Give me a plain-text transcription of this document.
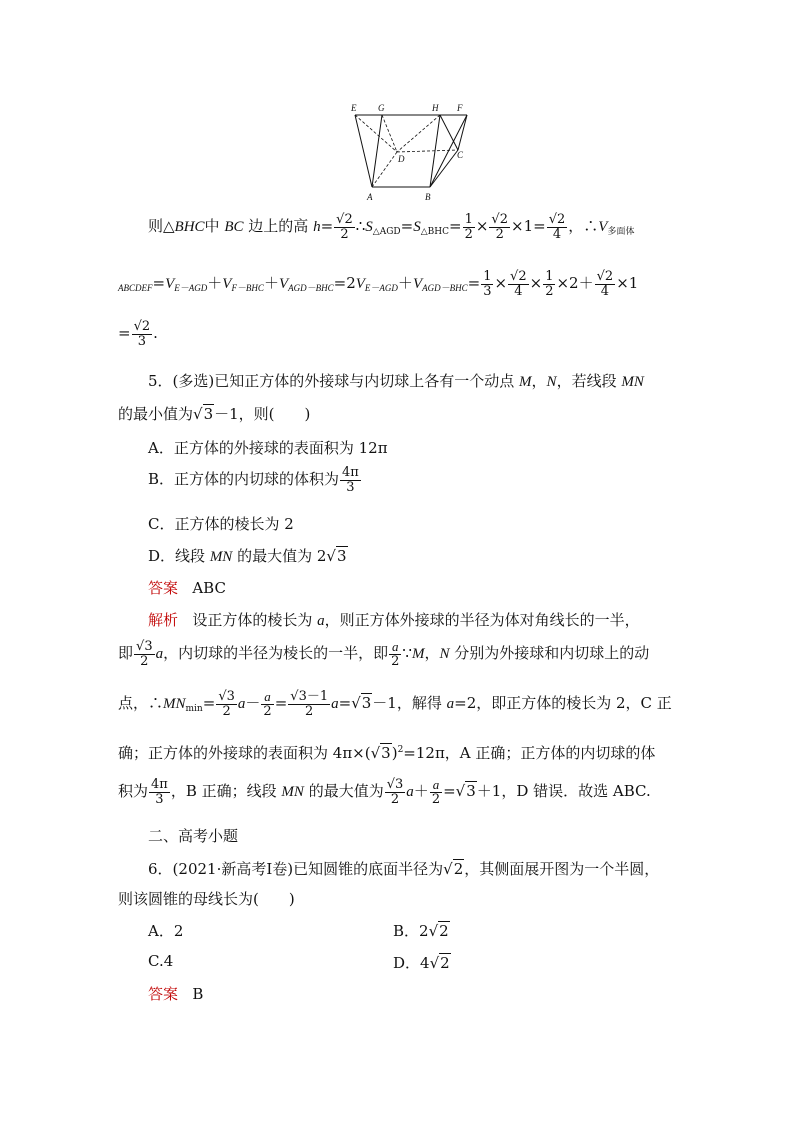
E G	H F
D	C
A	B
则△BHC中 BC 边上的高 $h= \frac{√2}{2}$ $\therefore S_{\triangle AGD}=S_{\triangle BHC}= \frac{1}{2} \times \frac{√2}{2} \times 1= \frac{√2}{4}$ ，$\therefore V_{多面体}$
$_{ABCDEF}=V_{E-AGD}+V_{F-BHC}+V_{AGD-BHC}=2V_{E-AGD}+V_{AGD-BHC}= \frac{1}{3} \times \frac{√2}{4} \times \frac{1}{2} \times 2+ \frac{√2}{4} \times 1$
= $\frac{√2}{3}$ .
5．(多选)已知正方体的外接球与内切球上各有一个动点 M，N，若线段 MN
的最小值为√3－1，则(　　)
A．正方体的外接球的表面积为 12π
B．正方体的内切球的体积为 $\frac{4\pi}{3}$
C．正方体的棱长为 2
D．线段 MN 的最大值为 2√3
答案 ABC
解析 设正方体的棱长为 a，则正方体外接球的半径为体对角线长的一半，
即 $\frac{√3}{2}$ a，内切球的半径为棱长的一半，即 $\frac{a}{2}$ ∵M，N 分别为外接球和内切球上的动
点，$\therefore MN_{min}= \frac{√3}{2} a- \frac{a}{2} = \frac{√3-1}{2} a=√3-1$，解得 a=2，即正方体的棱长为 2，C 正
确；正方体的外接球的表面积为 $4\pi\times(√3)^2=12\pi$，A 正确；正方体的内切球的体
积为 $\frac{4\pi}{3}$ ，B 正确；线段 MN 的最大值为 $\frac{√3}{2} a+ \frac{a}{2} =√3+1$，D 错误．故选 ABC.
二、高考小题
6．(2021·新高考Ⅰ卷)已知圆锥的底面半径为√2，其侧面展开图为一个半圆，
则该圆锥的母线长为(　　)
A．2	B．2√2
C.4	D．4√2
答案 B
